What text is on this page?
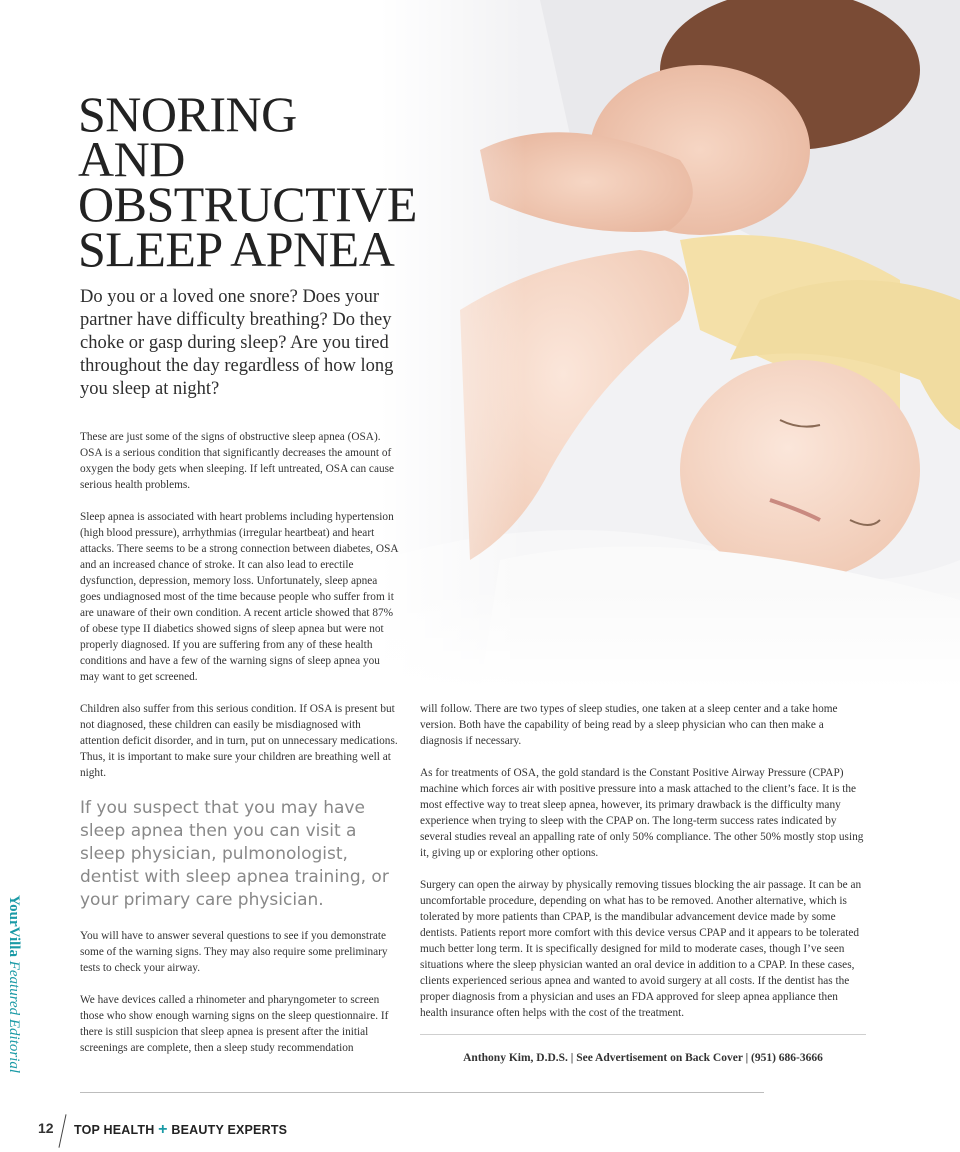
SNORING
AND
OBSTRUCTIVE
SLEEP APNEA

Do you or a loved one snore? Does your partner have difficulty breathing? Do they choke or gasp during sleep? Are you tired throughout the day regardless of how long you sleep at night?

These are just some of the signs of obstructive sleep apnea (OSA). OSA is a serious condition that significantly decreases the amount of oxygen the body gets when sleeping. If left untreated, OSA can cause serious health problems.

Sleep apnea is associated with heart problems including hypertension (high blood pressure), arrhythmias (irregular heartbeat) and heart attacks. There seems to be a strong connection between diabetes, OSA and an increased chance of stroke. It can also lead to erectile dysfunction, depression, memory loss. Unfortunately, sleep apnea goes undiagnosed most of the time because people who suffer from it are unaware of their own condition. A recent article showed that 87% of obese type II diabetics showed signs of sleep apnea but were not properly diagnosed. If you are suffering from any of these health conditions and have a few of the warning signs of sleep apnea you may want to get screened.

Children also suffer from this serious condition. If OSA is present but not diagnosed, these children can easily be misdiagnosed with attention deficit disorder, and in turn, put on unnecessary medications. Thus, it is important to make sure your children are breathing well at night.

If you suspect that you may have sleep apnea then you can visit a sleep physician, pulmonologist, dentist with sleep apnea training, or your primary care physician.

You will have to answer several questions to see if you demonstrate some of the warning signs. They may also require some preliminary tests to check your airway.

We have devices called a rhinometer and pharyngometer to screen those who show enough warning signs on the sleep questionnaire. If there is still suspicion that sleep apnea is present after the initial screenings are complete, then a sleep study recommendation

will follow. There are two types of sleep studies, one taken at a sleep center and a take home version. Both have the capability of being read by a sleep physician who can then make a diagnosis if necessary.

As for treatments of OSA, the gold standard is the Constant Positive Airway Pressure (CPAP) machine which forces air with positive pressure into a mask attached to the client’s face. It is the most effective way to treat sleep apnea, however, its primary drawback is the difficulty many experience when trying to sleep with the CPAP on. The long-term success rates indicated by several studies reveal an appalling rate of only 50% compliance. The other 50% mostly stop using it, giving up or exploring other options.

Surgery can open the airway by physically removing tissues blocking the air passage. It can be an uncomfortable procedure, depending on what has to be removed. Another alternative, which is tolerated by more patients than CPAP, is the mandibular advancement device made by some dentists. Patients report more comfort with this device versus CPAP and it appears to be tolerated much better long term. It is specifically designed for mild to moderate cases, though I’ve seen situations where the sleep physician wanted an oral device in addition to a CPAP. In these cases, clients experienced serious apnea and wanted to avoid surgery at all costs. If the dentist has the proper diagnosis from a physician and uses an FDA approved for sleep apnea appliance then health insurance often helps with the cost of the treatment.

Anthony Kim, D.D.S. | See Advertisement on Back Cover | (951) 686-3666
YourVilla Featured Editorial
12 TOP HEALTH + BEAUTY EXPERTS
